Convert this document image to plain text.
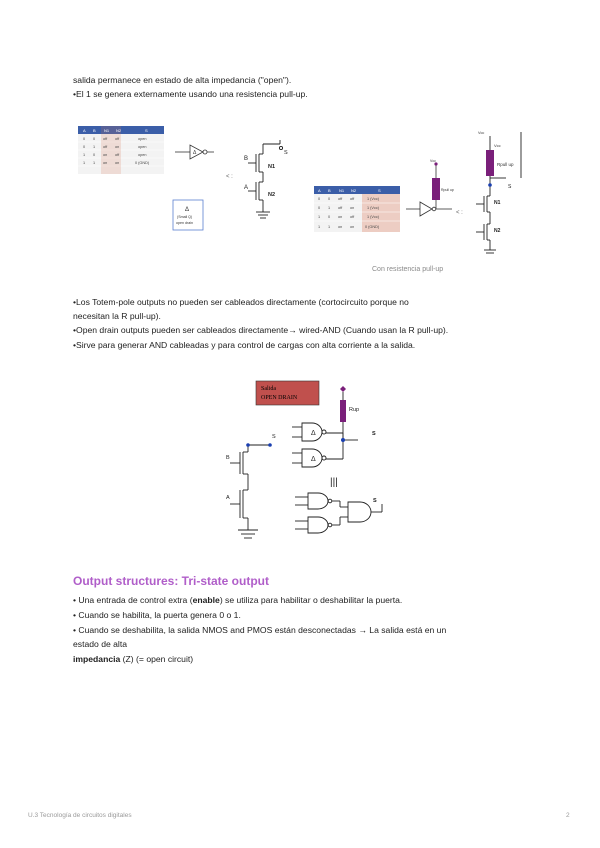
salida permanece en estado de alta impedancia ("open").
•El 1 se genera externamente usando una resistencia pull-up.
A B N1 N2	S
0 0 off off	open
0 1 off on	open
1 0 on off	open
1 1 on on	0 (GND)
Δ
Δ
(Small Q)
open drain
< :
B
A
N1
N2
S
A B N1 N2	S
0 0 off off	1 (Vcc)
0 1 off on	1 (Vcc)
1 0 on off	1 (Vcc)
1 1 on on	0 (GND)
Vcc
Rpull up
< :
Vcc
Vcc
Rpull up
N1
N2
S
Con resistencia pull-up
•Los Totem-pole outputs no pueden ser cableados directamente (cortocircuito porque no
necesitan la R pull-up).
•Open drain outputs pueden ser cableados directamente→ wired-AND (Cuando usan la R pull-up).
•Sirve para generar AND cableadas y para control de cargas con alta corriente a la salida.
Salida
OPEN DRAIN
Rup
S
Δ
Δ
|||
S
S
B
A
Output structures: Tri-state output
• Una entrada de control extra (enable) se utiliza para habilitar o deshabilitar la puerta.
• Cuando se habilita, la puerta genera 0 o 1.
• Cuando se deshabilita, la salida NMOS and PMOS están desconectadas → La salida está en un
estado de alta
impedancia (Z) (= open circuit)
U.3 Tecnología de circuitos digitales	2
